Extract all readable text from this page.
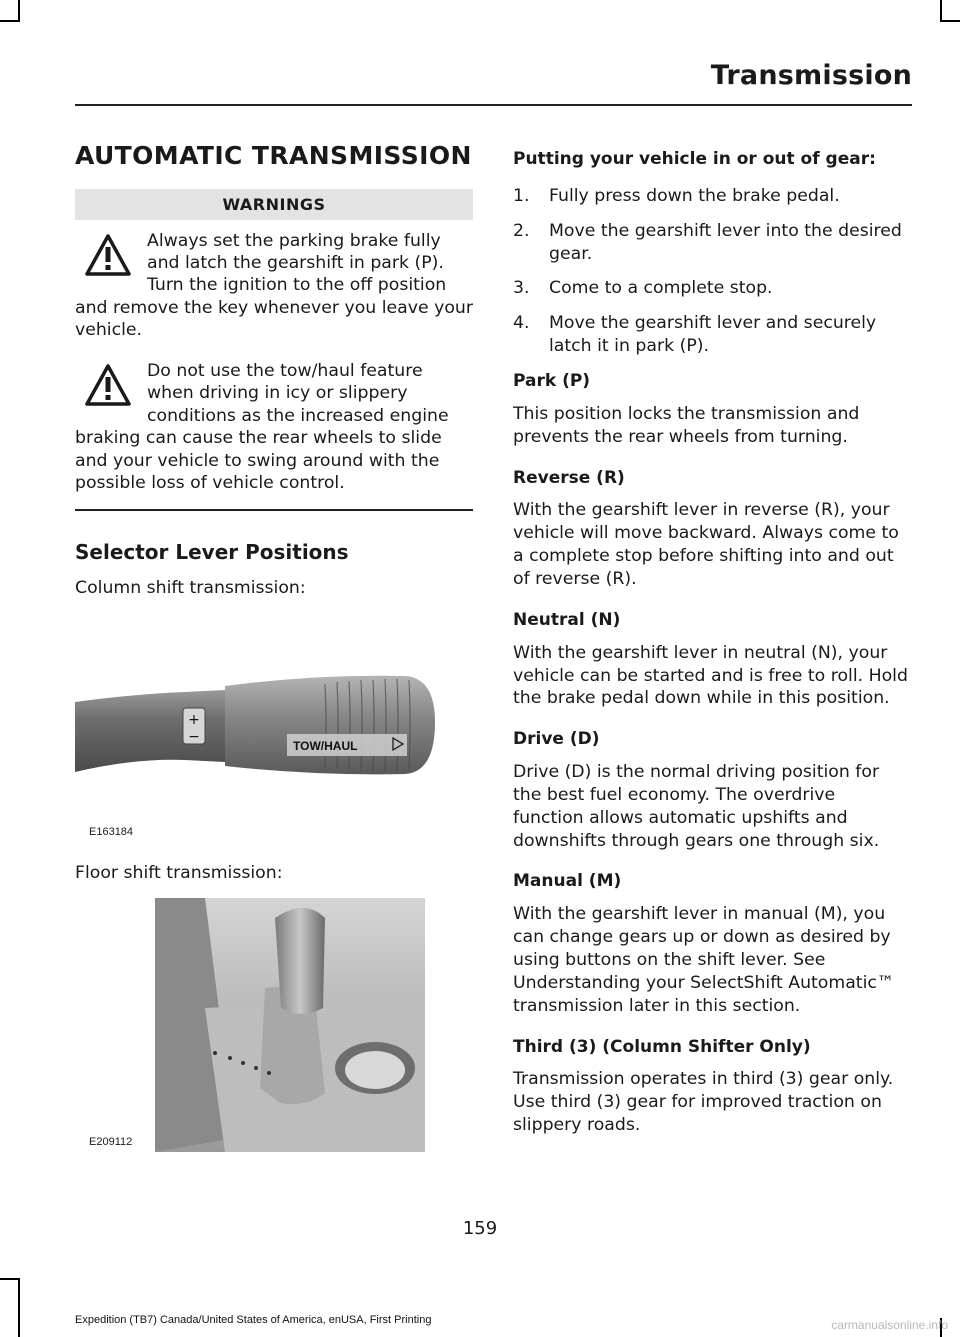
Transmission
AUTOMATIC TRANSMISSION
WARNINGS
Always set the parking brake fully and latch the gearshift in park (P). Turn the ignition to the off position and remove the key whenever you leave your vehicle.
Do not use the tow/haul feature when driving in icy or slippery conditions as the increased engine braking can cause the rear wheels to slide and your vehicle to swing around with the possible loss of vehicle control.
Selector Lever Positions

Column shift transmission:

+
−
TOW/HAUL
E163184

Floor shift transmission:

E209112
Putting your vehicle in or out of gear:
1. Fully press down the brake pedal.
2. Move the gearshift lever into the desired gear.
3. Come to a complete stop.
4. Move the gearshift lever and securely latch it in park (P).
Park (P)

This position locks the transmission and prevents the rear wheels from turning.

Reverse (R)

With the gearshift lever in reverse (R), your vehicle will move backward. Always come to a complete stop before shifting into and out of reverse (R).

Neutral (N)

With the gearshift lever in neutral (N), your vehicle can be started and is free to roll. Hold the brake pedal down while in this position.

Drive (D)

Drive (D) is the normal driving position for the best fuel economy. The overdrive function allows automatic upshifts and downshifts through gears one through six.

Manual (M)

With the gearshift lever in manual (M), you can change gears up or down as desired by using buttons on the shift lever. See Understanding your SelectShift Automatic™ transmission later in this section.

Third (3) (Column Shifter Only)

Transmission operates in third (3) gear only. Use third (3) gear for improved traction on slippery roads.

159
Expedition (TB7) Canada/United States of America, enUSA, First Printing	carmanualsonline.info
